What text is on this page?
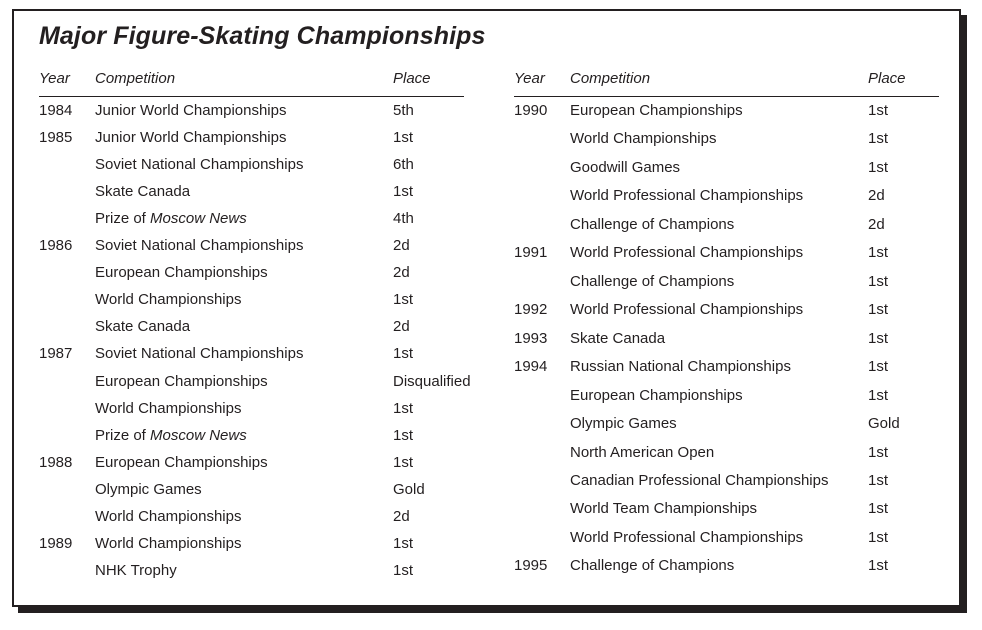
Major Figure-Skating Championships
Year Competition	Place
1984 Junior World Championships	5th
1985 Junior World Championships	1st
Soviet National Championships	6th
Skate Canada	1st
Prize of Moscow News	4th
1986 Soviet National Championships	2d
European Championships	2d
World Championships	1st
Skate Canada	2d
1987 Soviet National Championships	1st
European Championships	Disqualified
World Championships	1st
Prize of Moscow News	1st
1988 European Championships	1st
Olympic Games	Gold
World Championships	2d
1989 World Championships	1st
NHK Trophy	1st
Year Competition	Place
1990 European Championships	1st
World Championships	1st
Goodwill Games	1st
World Professional Championships	2d
Challenge of Champions	2d
1991 World Professional Championships	1st
Challenge of Champions	1st
1992 World Professional Championships	1st
1993 Skate Canada	1st
1994 Russian National Championships	1st
European Championships	1st
Olympic Games	Gold
North American Open	1st
Canadian Professional Championships	1st
World Team Championships	1st
World Professional Championships	1st
1995 Challenge of Champions	1st
